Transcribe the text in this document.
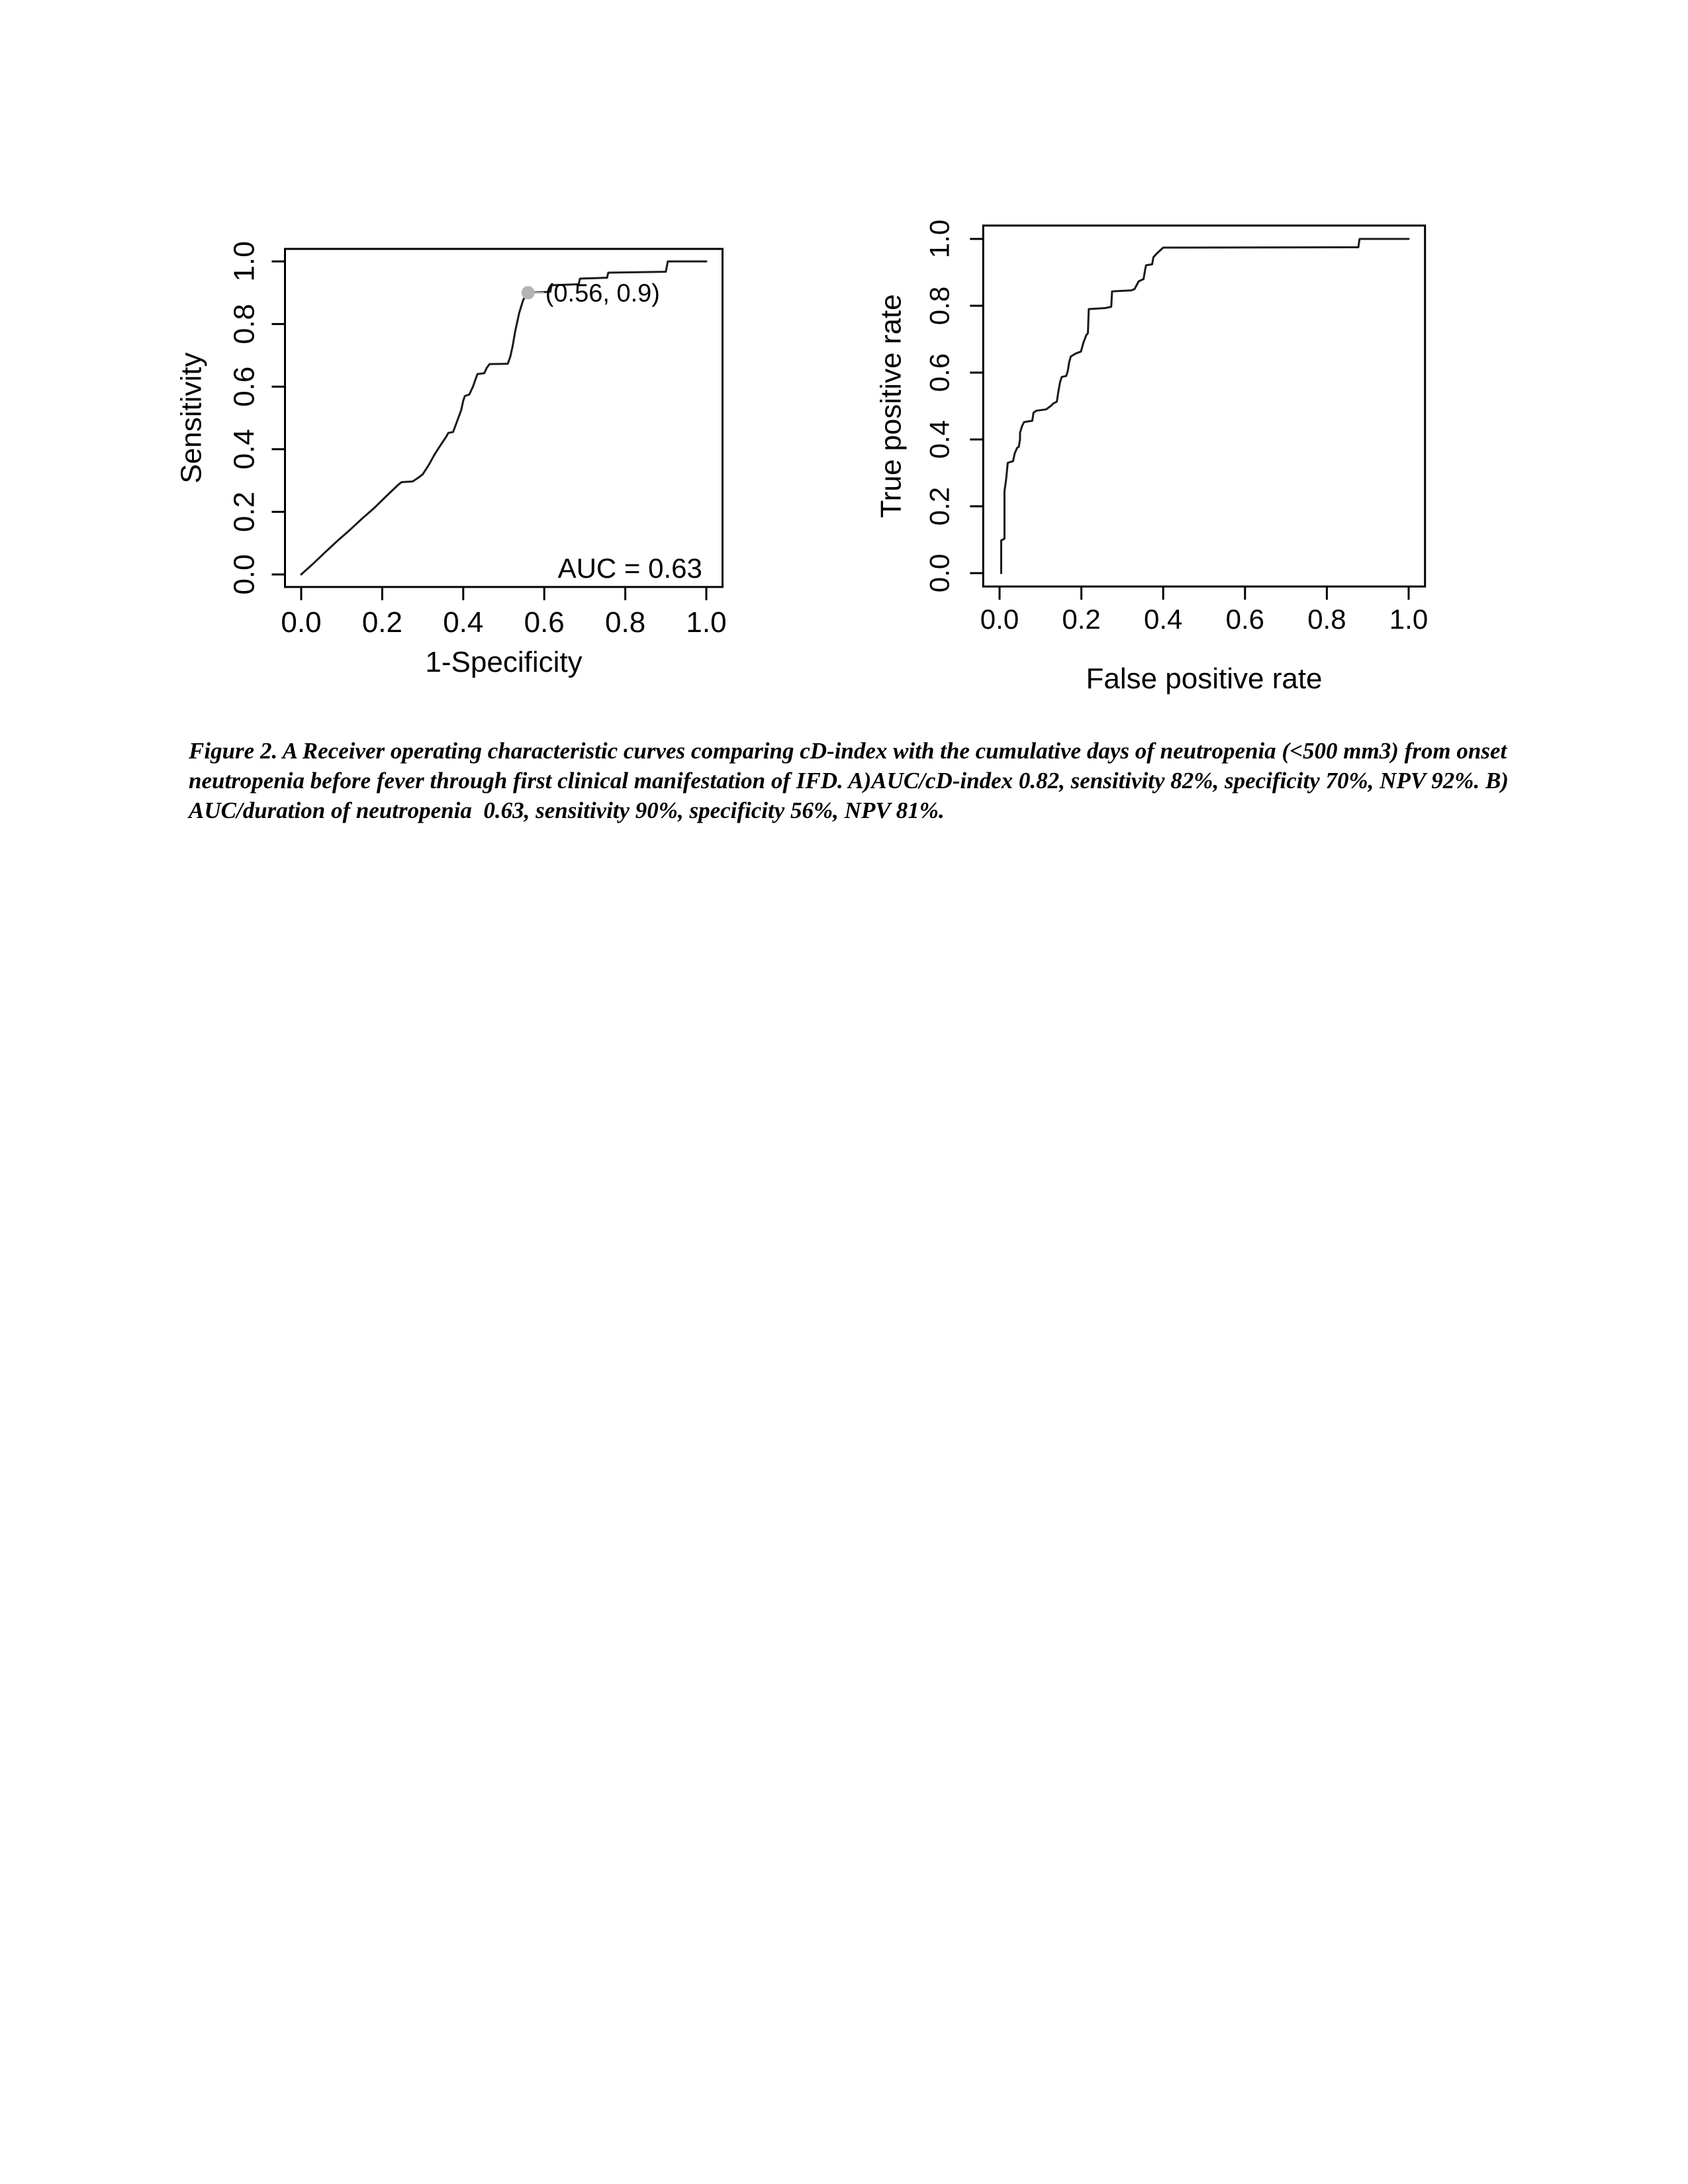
0.0 0.2 0.4 0.6 0.8 1.0
0.0
0.2
0.4
0.6
0.8
1.0
1-Specificity
Sensitivity
(0.56, 0.9)
AUC = 0.63
0.0 0.2 0.4 0.6 0.8 1.0
0.0
0.2
0.4
0.6
0.8
1.0
False positive rate
True positive rate
Figure 2. A Receiver operating characteristic curves comparing cD-index with the cumulative days of neutropenia (<500 mm3) from onset
neutropenia before fever through first clinical manifestation of IFD. A)AUC/cD-index 0.82, sensitivity 82%, specificity 70%, NPV 92%. B)
AUC/duration of neutropenia  0.63, sensitivity 90%, specificity 56%, NPV 81%.
